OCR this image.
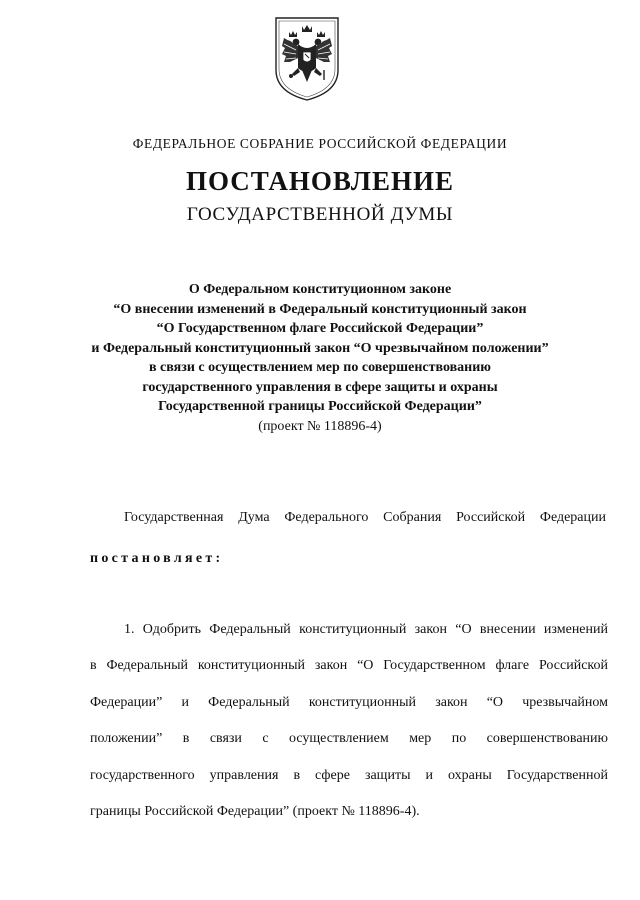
ФЕДЕРАЛЬНОЕ СОБРАНИЕ РОССИЙСКОЙ ФЕДЕРАЦИИ
ПОСТАНОВЛЕНИЕ
ГОСУДАРСТВЕННОЙ ДУМЫ
О Федеральном конституционном законе
“О внесении изменений в Федеральный конституционный закон
“О Государственном флаге Российской Федерации”
и Федеральный конституционный закон “О чрезвычайном положении”
в связи с осуществлением мер по совершенствованию
государственного управления в сфере защиты и охраны
Государственной границы Российской Федерации”
(проект № 118896-4)
Государственная Дума Федерального Собрания Российской Федерации
постановляет:
1. Одобрить Федеральный конституционный закон “О внесении изменений
в Федеральный конституционный закон “О Государственном флаге Российской
Федерации” и Федеральный конституционный закон “О чрезвычайном
положении” в связи с осуществлением мер по совершенствованию
государственного управления в сфере защиты и охраны Государственной
границы Российской Федерации” (проект № 118896-4).
